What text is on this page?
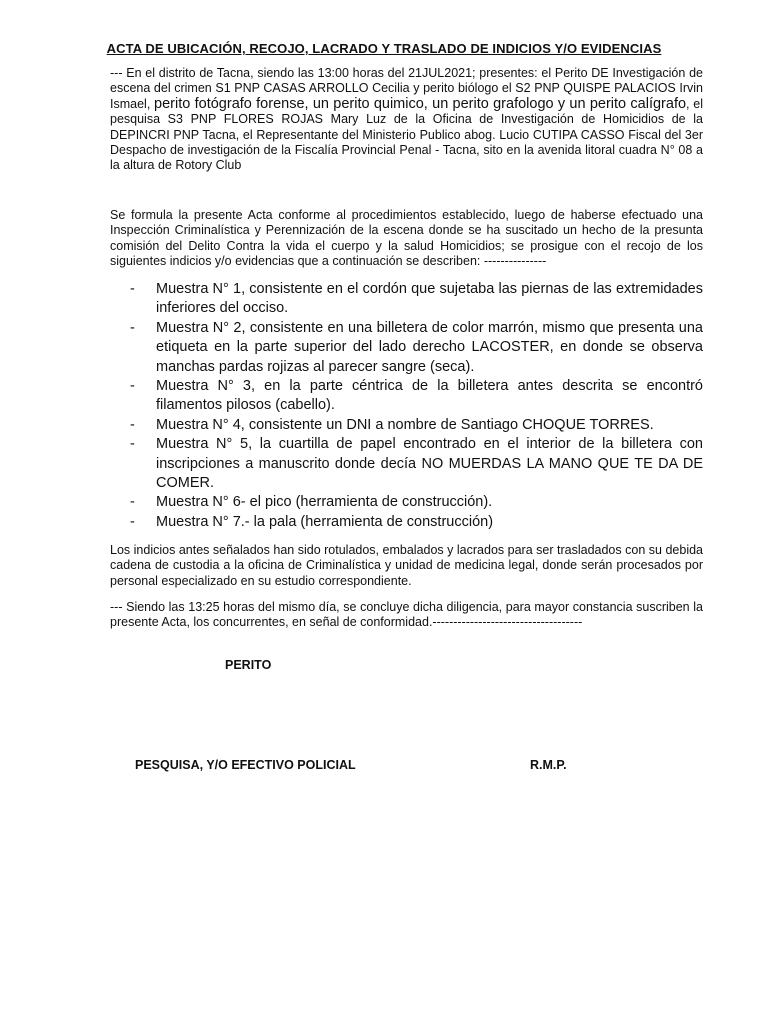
ACTA DE UBICACIÓN, RECOJO, LACRADO Y TRASLADO DE INDICIOS Y/O EVIDENCIAS

--- En el distrito de Tacna, siendo las 13:00 horas del 21JUL2021; presentes: el Perito DE Investigación de escena del crimen S1 PNP CASAS ARROLLO Cecilia y perito biólogo el S2 PNP QUISPE PALACIOS Irvin Ismael, perito fotógrafo forense, un perito quimico, un perito grafologo y un perito calígrafo, el pesquisa S3 PNP FLORES ROJAS Mary Luz de la Oficina de Investigación de Homicidios de la DEPINCRI PNP Tacna, el Representante del Ministerio Publico abog. Lucio CUTIPA CASSO Fiscal del 3er Despacho de investigación de la Fiscalía Provincial Penal - Tacna, sito en la avenida litoral cuadra N° 08 a la altura de Rotory Club

Se formula la presente Acta conforme al procedimientos establecido, luego de haberse efectuado una Inspección Criminalística y Perennización de la escena donde se ha suscitado un hecho de la presunta comisión del Delito Contra la vida el cuerpo y la salud Homicidios; se prosigue con el recojo de los siguientes indicios y/o evidencias que a continuación se describen: ---------------

- Muestra N° 1, consistente en el cordón que sujetaba las piernas de las extremidades inferiores del occiso.
- Muestra N° 2, consistente en una billetera de color marrón, mismo que presenta una etiqueta en la parte superior del lado derecho LACOSTER, en donde se observa manchas pardas rojizas al parecer sangre (seca).
- Muestra N° 3, en la parte céntrica de la billetera antes descrita se encontró filamentos pilosos (cabello).
- Muestra N° 4, consistente un DNI a nombre de Santiago CHOQUE TORRES.
- Muestra N° 5, la cuartilla de papel encontrado en el interior de la billetera con inscripciones a manuscrito donde decía NO MUERDAS LA MANO QUE TE DA DE COMER.
- Muestra N° 6- el pico (herramienta de construcción).
- Muestra N° 7.- la pala (herramienta de construcción)

Los indicios antes señalados han sido rotulados, embalados y lacrados para ser trasladados con su debida cadena de custodia a la oficina de Criminalística y unidad de medicina legal, donde serán procesados por personal especializado en su estudio correspondiente.

--- Siendo las 13:25 horas del mismo día, se concluye dicha diligencia, para mayor constancia suscriben la presente Acta, los concurrentes, en señal de conformidad.------------------------------------

PERITO
PESQUISA, Y/O EFECTIVO POLICIAL	R.M.P.
